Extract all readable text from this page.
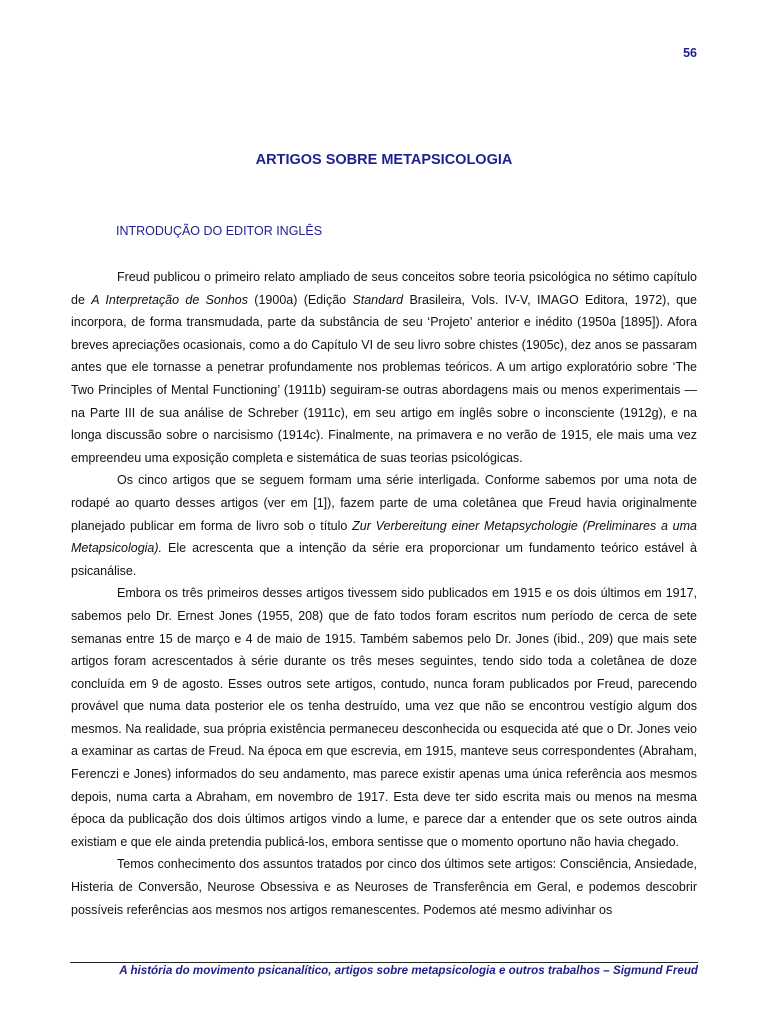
56
ARTIGOS SOBRE METAPSICOLOGIA
INTRODUÇÃO DO EDITOR INGLÊS

Freud publicou o primeiro relato ampliado de seus conceitos sobre teoria psicológica no sétimo capítulo de A Interpretação de Sonhos (1900a) (Edição Standard Brasileira, Vols. IV-V, IMAGO Editora, 1972), que incorpora, de forma transmudada, parte da substância de seu ‘Projeto’ anterior e inédito (1950a [1895]). Afora breves apreciações ocasionais, como a do Capítulo VI de seu livro sobre chistes (1905c), dez anos se passaram antes que ele tornasse a penetrar profundamente nos problemas teóricos. A um artigo exploratório sobre ‘The Two Principles of Mental Functioning’ (1911b) seguiram-se outras abordagens mais ou menos experimentais — na Parte III de sua análise de Schreber (1911c), em seu artigo em inglês sobre o inconsciente (1912g), e na longa discussão sobre o narcisismo (1914c). Finalmente, na primavera e no verão de 1915, ele mais uma vez empreendeu uma exposição completa e sistemática de suas teorias psicológicas.

Os cinco artigos que se seguem formam uma série interligada. Conforme sabemos por uma nota de rodapé ao quarto desses artigos (ver em [1]), fazem parte de uma coletânea que Freud havia originalmente planejado publicar em forma de livro sob o título Zur Verbereitung einer Metapsychologie (Preliminares a uma Metapsicologia). Ele acrescenta que a intenção da série era proporcionar um fundamento teórico estável à psicanálise.

Embora os três primeiros desses artigos tivessem sido publicados em 1915 e os dois últimos em 1917, sabemos pelo Dr. Ernest Jones (1955, 208) que de fato todos foram escritos num período de cerca de sete semanas entre 15 de março e 4 de maio de 1915. Também sabemos pelo Dr. Jones (ibid., 209) que mais sete artigos foram acrescentados à série durante os três meses seguintes, tendo sido toda a coletânea de doze concluída em 9 de agosto. Esses outros sete artigos, contudo, nunca foram publicados por Freud, parecendo provável que numa data posterior ele os tenha destruído, uma vez que não se encontrou vestígio algum dos mesmos. Na realidade, sua própria existência permaneceu desconhecida ou esquecida até que o Dr. Jones veio a examinar as cartas de Freud. Na época em que escrevia, em 1915, manteve seus correspondentes (Abraham, Ferenczi e Jones) informados do seu andamento, mas parece existir apenas uma única referência aos mesmos depois, numa carta a Abraham, em novembro de 1917. Esta deve ter sido escrita mais ou menos na mesma época da publicação dos dois últimos artigos vindo a lume, e parece dar a entender que os sete outros ainda existiam e que ele ainda pretendia publicá-los, embora sentisse que o momento oportuno não havia chegado.

Temos conhecimento dos assuntos tratados por cinco dos últimos sete artigos: Consciência, Ansiedade, Histeria de Conversão, Neurose Obsessiva e as Neuroses de Transferência em Geral, e podemos descobrir possíveis referências aos mesmos nos artigos remanescentes. Podemos até mesmo adivinhar os

A história do movimento psicanalítico, artigos sobre metapsicologia e outros trabalhos – Sigmund Freud
